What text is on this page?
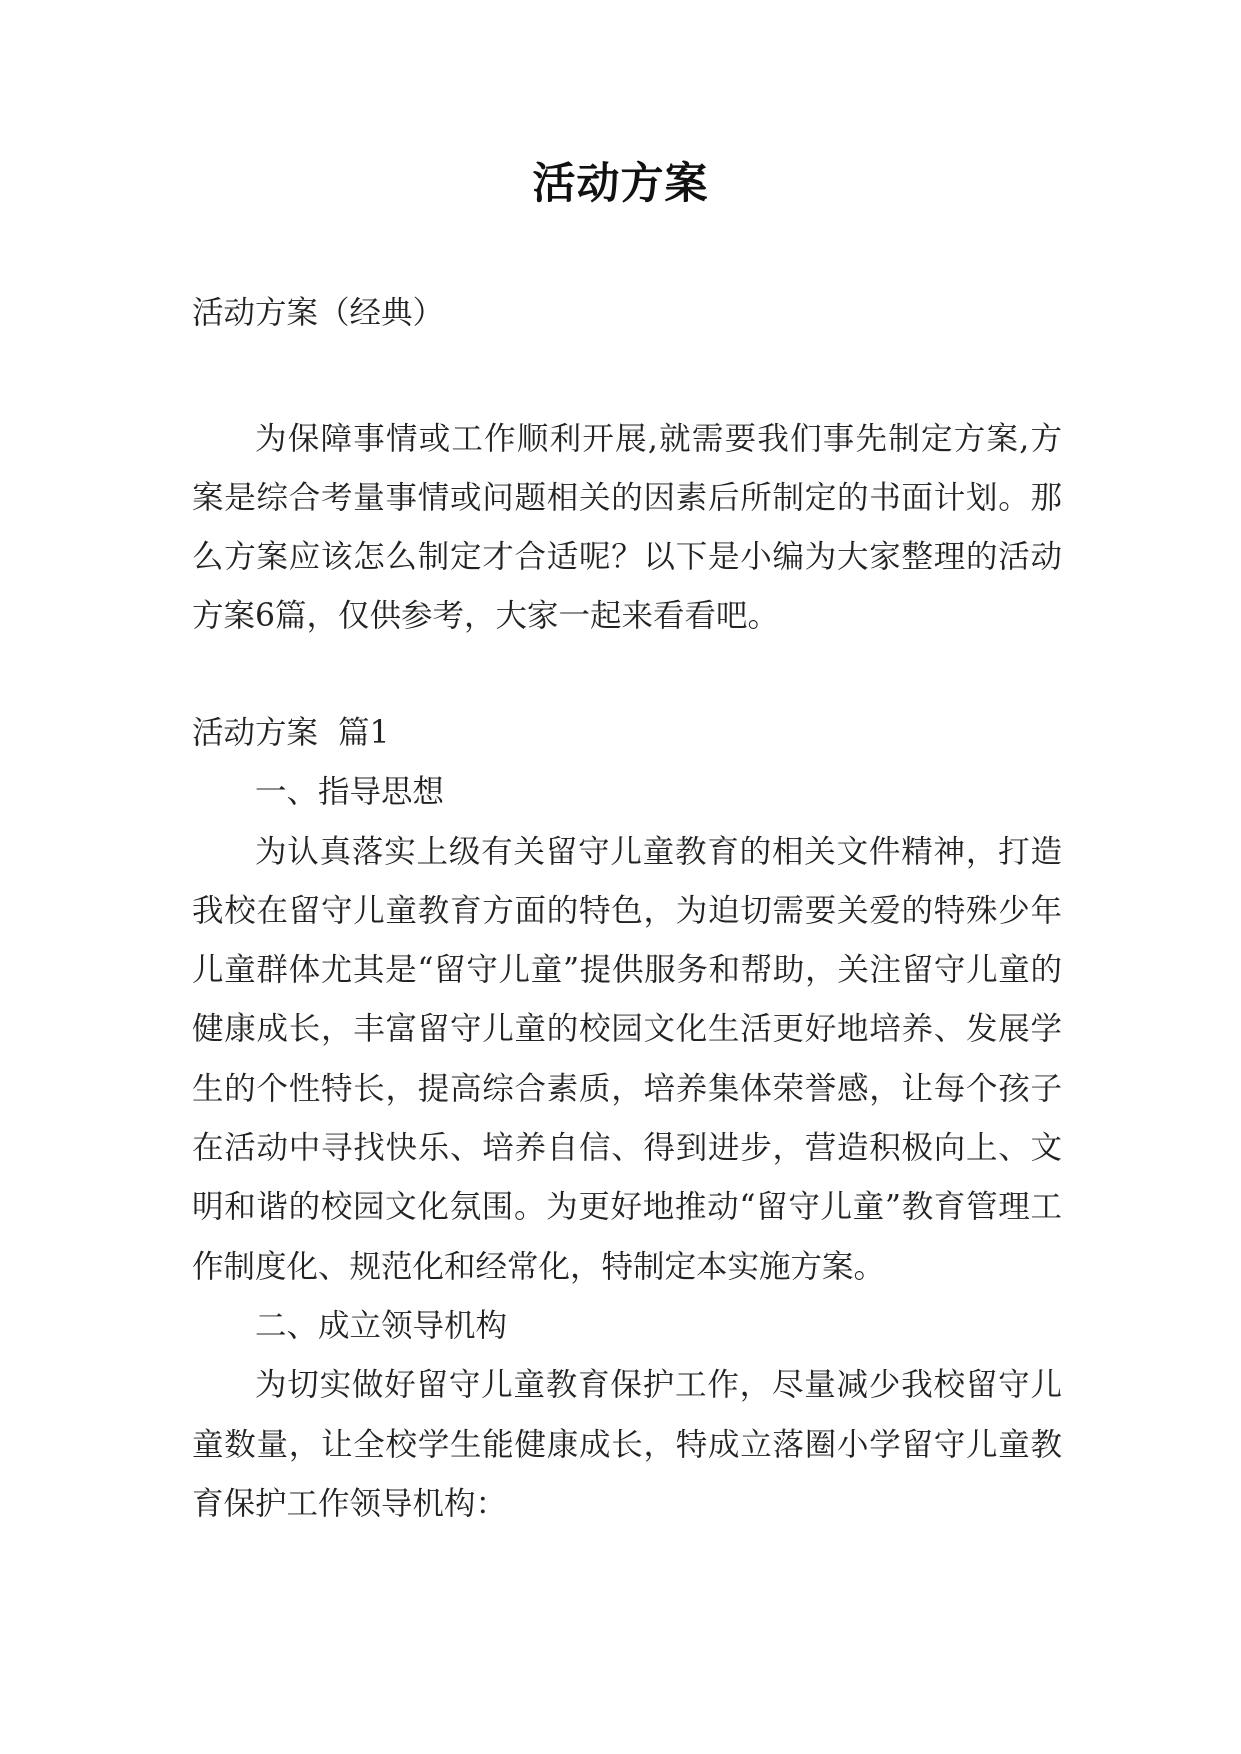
活动方案

活动方案（经典）

为保障事情或工作顺利开展,就需要我们事先制定方案,方案是综合考量事情或问题相关的因素后所制定的书面计划。那么方案应该怎么制定才合适呢？以下是小编为大家整理的活动方案6篇，仅供参考，大家一起来看看吧。

活动方案  篇1

一、指导思想

为认真落实上级有关留守儿童教育的相关文件精神，打造我校在留守儿童教育方面的特色，为迫切需要关爱的特殊少年儿童群体尤其是“留守儿童”提供服务和帮助，关注留守儿童的健康成长，丰富留守儿童的校园文化生活更好地培养、发展学生的个性特长，提高综合素质，培养集体荣誉感，让每个孩子在活动中寻找快乐、培养自信、得到进步，营造积极向上、文明和谐的校园文化氛围。为更好地推动“留守儿童”教育管理工作制度化、规范化和经常化，特制定本实施方案。

二、成立领导机构

为切实做好留守儿童教育保护工作，尽量减少我校留守儿童数量，让全校学生能健康成长，特成立落圈小学留守儿童教育保护工作领导机构：
